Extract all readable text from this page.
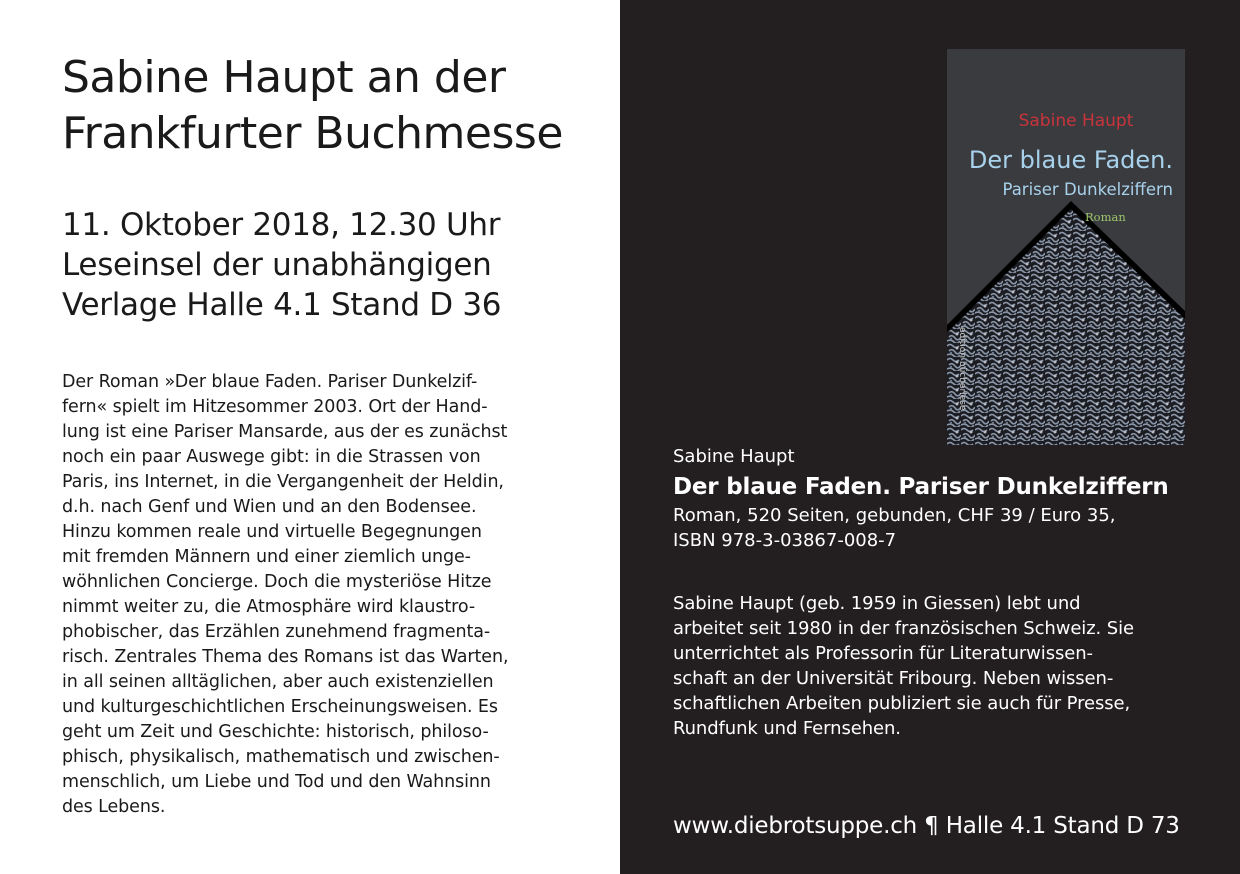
Sabine Haupt an der
Frankfurter Buchmesse

11. Oktober 2018, 12.30 Uhr
Leseinsel der unabhängigen
Verlage Halle 4.1 Stand D 36

Der Roman »Der blaue Faden. Pariser Dunkelzif-
fern« spielt im Hitzesommer 2003. Ort der Hand-
lung ist eine Pariser Mansarde, aus der es zunächst
noch ein paar Auswege gibt: in die Strassen von
Paris, ins Internet, in die Vergangenheit der Heldin,
d.h. nach Genf und Wien und an den Bodensee.
Hinzu kommen reale und virtuelle Begegnungen
mit fremden Männern und einer ziemlich unge-
wöhnlichen Concierge. Doch die mysteriöse Hitze
nimmt weiter zu, die Atmosphäre wird klaustro-
phobischer, das Erzählen zunehmend fragmenta-
risch. Zentrales Thema des Romans ist das Warten,
in all seinen alltäglichen, aber auch existenziellen
und kulturgeschichtlichen Erscheinungsweisen. Es
geht um Zeit und Geschichte: historisch, philoso-
phisch, physikalisch, mathematisch und zwischen-
menschlich, um Liebe und Tod und den Wahnsinn
des Lebens.

Sabine Haupt
Der blaue Faden.
Pariser Dunkelziffern
Roman
edition bücherlese
Sabine Haupt
Der blaue Faden. Pariser Dunkelziffern

Roman, 520 Seiten, gebunden, CHF 39 / Euro 35,
ISBN 978-3-03867-008-7

Sabine Haupt (geb. 1959 in Giessen) lebt und
arbeitet seit 1980 in der französischen Schweiz. Sie
unterrichtet als Professorin für Literaturwissen-
schaft an der Universität Fribourg. Neben wissen-
schaftlichen Arbeiten publiziert sie auch für Presse,
Rundfunk und Fernsehen.

www.diebrotsuppe.ch ¶ Halle 4.1 Stand D 73
